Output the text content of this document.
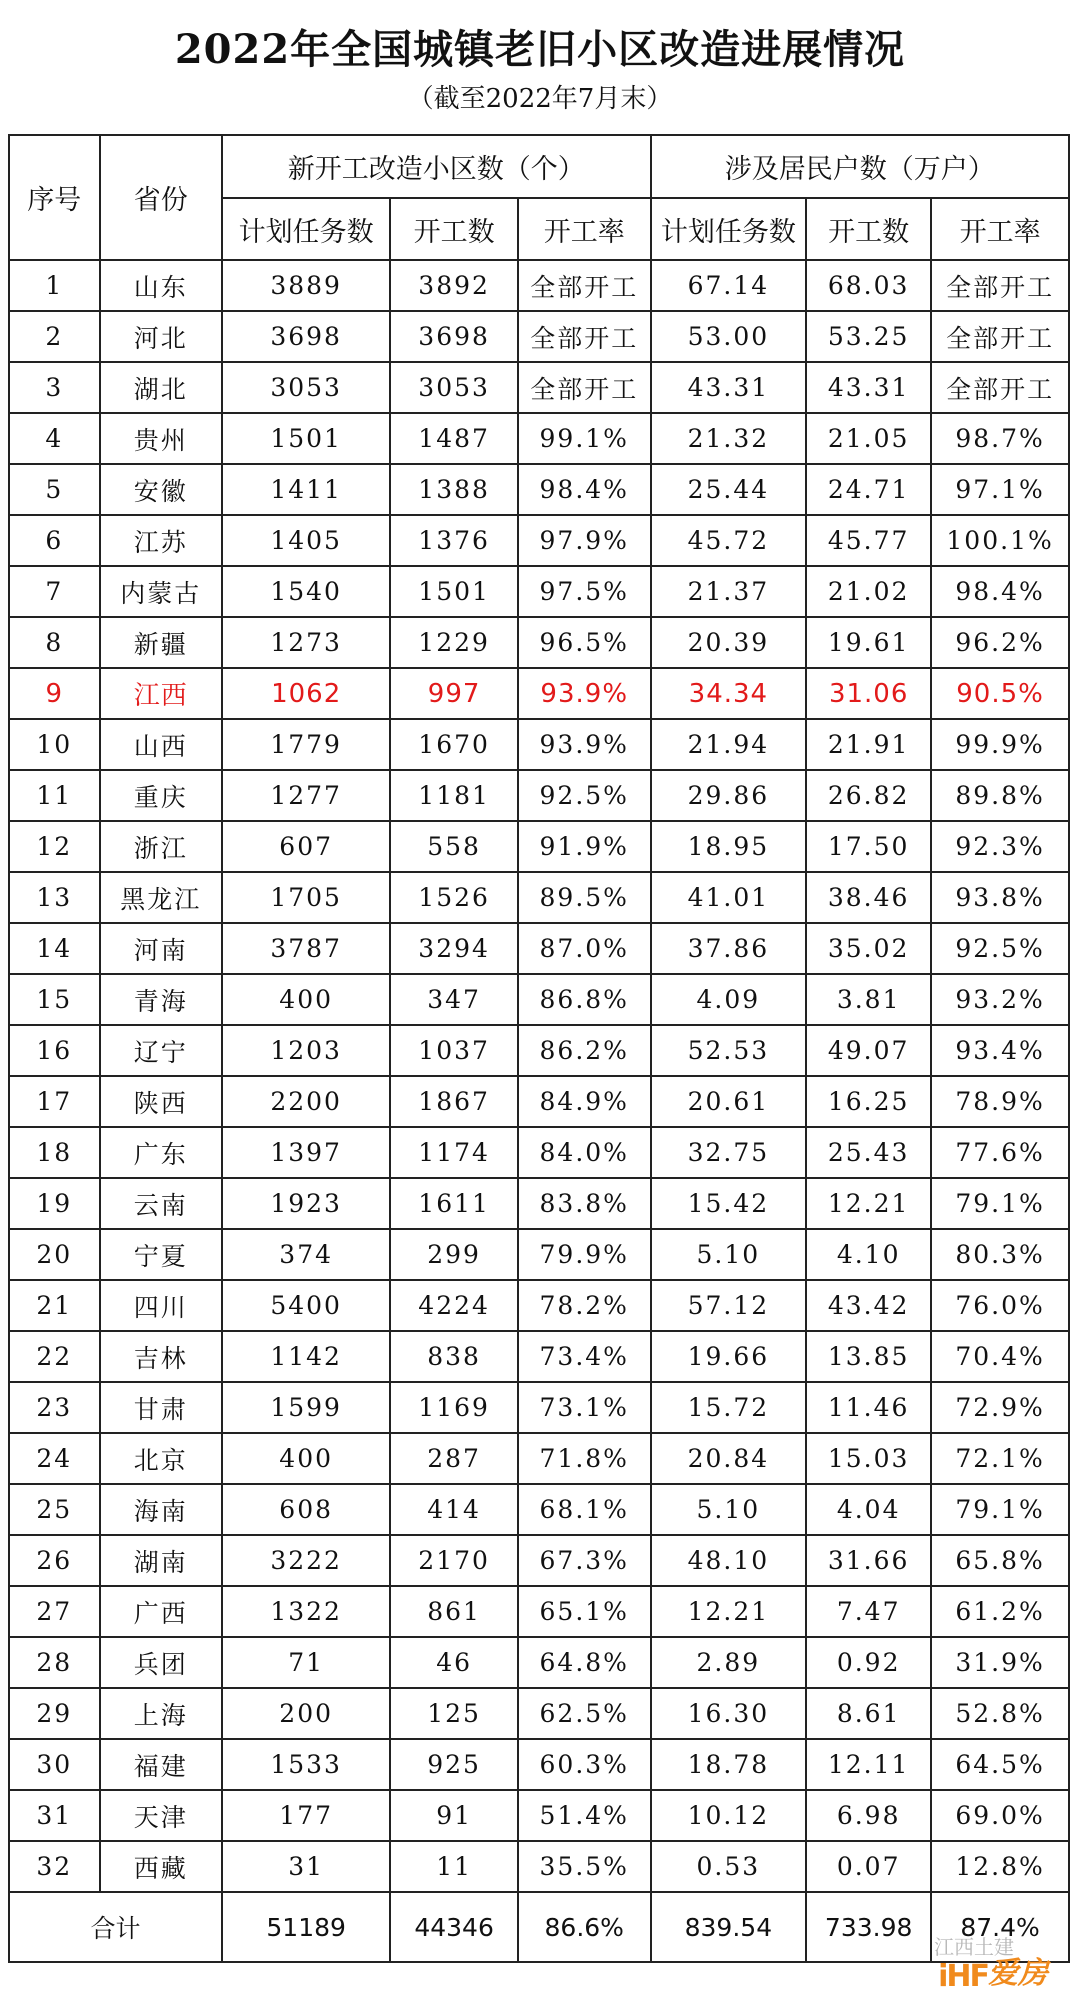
2022年全国城镇老旧小区改造进展情况
（截至2022年7月末）
序号	省份	新开工改造小区数（个）			涉及居民户数（万户）		
		计划任务数	开工数	开工率	计划任务数	开工数	开工率
1	山东	3889	3892	全部开工	67.14	68.03	全部开工
2	河北	3698	3698	全部开工	53.00	53.25	全部开工
3	湖北	3053	3053	全部开工	43.31	43.31	全部开工
4	贵州	1501	1487	99.1%	21.32	21.05	98.7%
5	安徽	1411	1388	98.4%	25.44	24.71	97.1%
6	江苏	1405	1376	97.9%	45.72	45.77	100.1%
7	内蒙古	1540	1501	97.5%	21.37	21.02	98.4%
8	新疆	1273	1229	96.5%	20.39	19.61	96.2%
9	江西	1062	997	93.9%	34.34	31.06	90.5%
10	山西	1779	1670	93.9%	21.94	21.91	99.9%
11	重庆	1277	1181	92.5%	29.86	26.82	89.8%
12	浙江	607	558	91.9%	18.95	17.50	92.3%
13	黑龙江	1705	1526	89.5%	41.01	38.46	93.8%
14	河南	3787	3294	87.0%	37.86	35.02	92.5%
15	青海	400	347	86.8%	4.09	3.81	93.2%
16	辽宁	1203	1037	86.2%	52.53	49.07	93.4%
17	陕西	2200	1867	84.9%	20.61	16.25	78.9%
18	广东	1397	1174	84.0%	32.75	25.43	77.6%
19	云南	1923	1611	83.8%	15.42	12.21	79.1%
20	宁夏	374	299	79.9%	5.10	4.10	80.3%
21	四川	5400	4224	78.2%	57.12	43.42	76.0%
22	吉林	1142	838	73.4%	19.66	13.85	70.4%
23	甘肃	1599	1169	73.1%	15.72	11.46	72.9%
24	北京	400	287	71.8%	20.84	15.03	72.1%
25	海南	608	414	68.1%	5.10	4.04	79.1%
26	湖南	3222	2170	67.3%	48.10	31.66	65.8%
27	广西	1322	861	65.1%	12.21	7.47	61.2%
28	兵团	71	46	64.8%	2.89	0.92	31.9%
29	上海	200	125	62.5%	16.30	8.61	52.8%
30	福建	1533	925	60.3%	18.78	12.11	64.5%
31	天津	177	91	51.4%	10.12	6.98	69.0%
32	西藏	31	11	35.5%	0.53	0.07	12.8%
合计		51189	44346	86.6%	839.54	733.98	87.4%
江西土建
iHF 爱房
